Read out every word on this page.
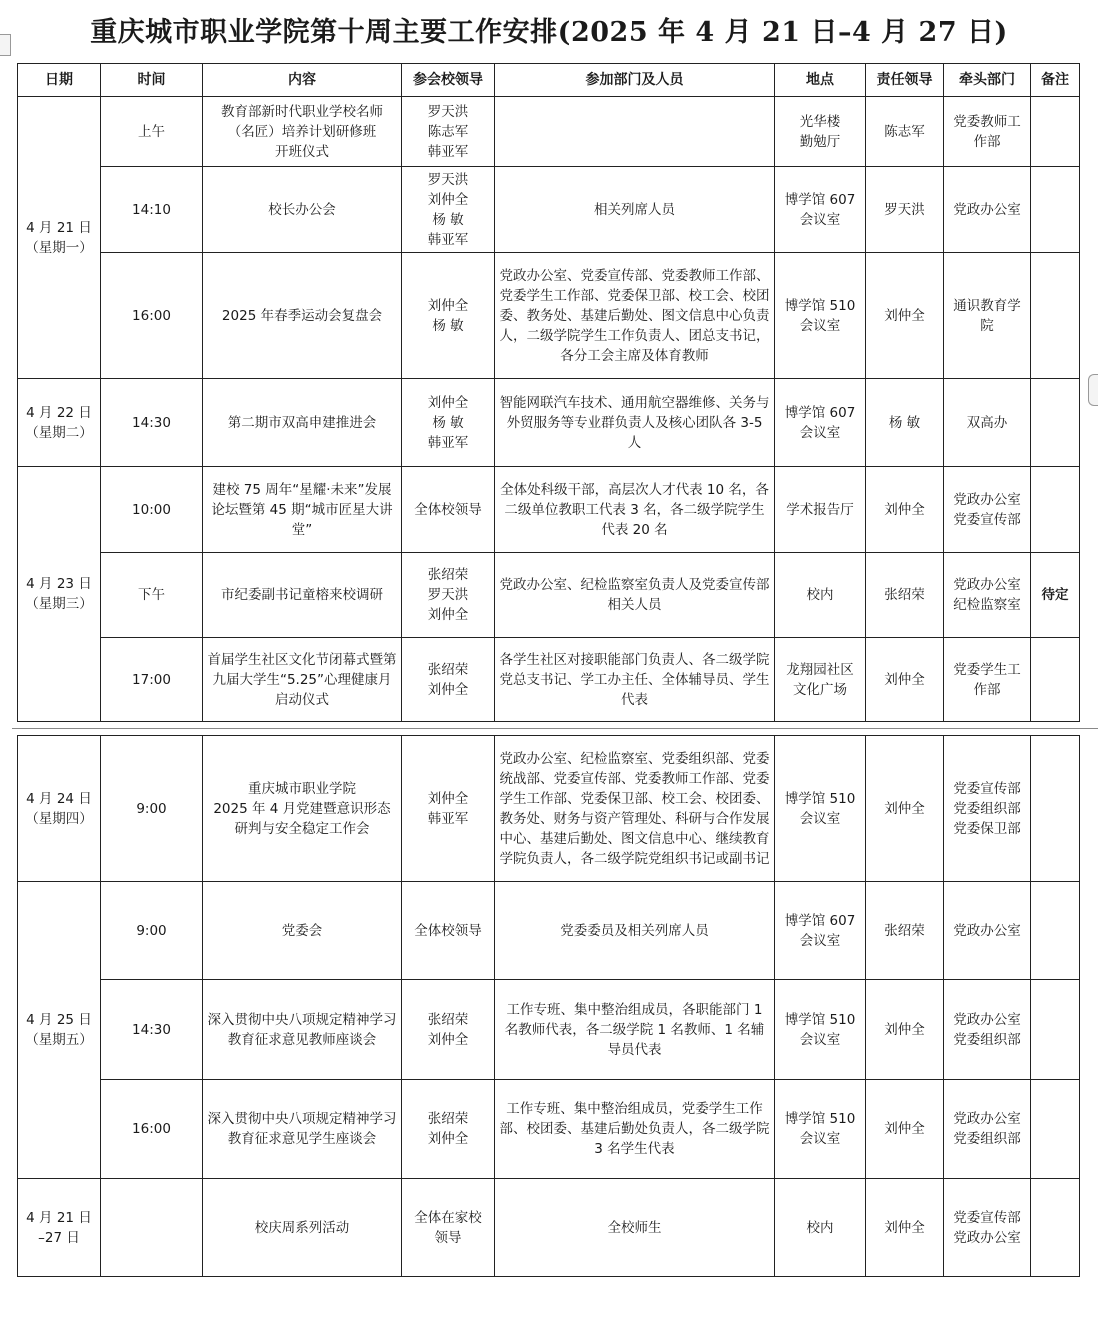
重庆城市职业学院第十周主要工作安排(2025 年 4 月 21 日–4 月 27 日)
日期	时间	内容	参会校领导	参加部门及人员	地点	责任领导	牵头部门	备注
4 月 21 日
（星期一）	上午	教育部新时代职业学校名师
（名匠）培养计划研修班
开班仪式	罗天洪
陈志军
韩亚军		光华楼
勤勉厅	陈志军	党委教师工
作部	
	14:10	校长办公会	罗天洪
刘仲全
杨 敏
韩亚军	相关列席人员	博学馆 607
会议室	罗天洪	党政办公室	
	16:00	2025 年春季运动会复盘会	刘仲全
杨 敏	党政办公室、党委宣传部、党委教师工作部、党委学生工作部、党委保卫部、校工会、校团委、教务处、基建后勤处、图文信息中心负责人，二级学院学生工作负责人、团总支书记，各分工会主席及体育教师	博学馆 510
会议室	刘仲全	通识教育学
院	
4 月 22 日
（星期二）	14:30	第二期市双高申建推进会	刘仲全
杨 敏
韩亚军	智能网联汽车技术、通用航空器维修、关务与外贸服务等专业群负责人及核心团队各 3-5 人	博学馆 607
会议室	杨 敏	双高办	
4 月 23 日
（星期三）	10:00	建校 75 周年“星耀·未来”发展论坛暨第 45 期“城市匠星大讲堂”	全体校领导	全体处科级干部，高层次人才代表 10 名，各二级单位教职工代表 3 名，各二级学院学生代表 20 名	学术报告厅	刘仲全	党政办公室
党委宣传部	
	下午	市纪委副书记童榕来校调研	张绍荣
罗天洪
刘仲全	党政办公室、纪检监察室负责人及党委宣传部相关人员	校内	张绍荣	党政办公室
纪检监察室	待定
	17:00	首届学生社区文化节闭幕式暨第九届大学生“5.25”心理健康月启动仪式	张绍荣
刘仲全	各学生社区对接职能部门负责人、各二级学院党总支书记、学工办主任、全体辅导员、学生代表	龙翔园社区
文化广场	刘仲全	党委学生工
作部	
4 月 24 日
（星期四）	9:00	重庆城市职业学院
2025 年 4 月党建暨意识形态
研判与安全稳定工作会	刘仲全
韩亚军	党政办公室、纪检监察室、党委组织部、党委统战部、党委宣传部、党委教师工作部、党委学生工作部、党委保卫部、校工会、校团委、教务处、财务与资产管理处、科研与合作发展中心、基建后勤处、图文信息中心、继续教育学院负责人，各二级学院党组织书记或副书记	博学馆 510
会议室	刘仲全	党委宣传部
党委组织部
党委保卫部	
4 月 25 日
（星期五）	9:00	党委会	全体校领导	党委委员及相关列席人员	博学馆 607
会议室	张绍荣	党政办公室	
	14:30	深入贯彻中央八项规定精神学习教育征求意见教师座谈会	张绍荣
刘仲全	工作专班、集中整治组成员，各职能部门 1 名教师代表，各二级学院 1 名教师、1 名辅导员代表	博学馆 510
会议室	刘仲全	党政办公室
党委组织部	
	16:00	深入贯彻中央八项规定精神学习教育征求意见学生座谈会	张绍荣
刘仲全	工作专班、集中整治组成员，党委学生工作部、校团委、基建后勤处负责人，各二级学院 3 名学生代表	博学馆 510
会议室	刘仲全	党政办公室
党委组织部	
4 月 21 日
–27 日		校庆周系列活动	全体在家校
领导	全校师生	校内	刘仲全	党委宣传部
党政办公室	
